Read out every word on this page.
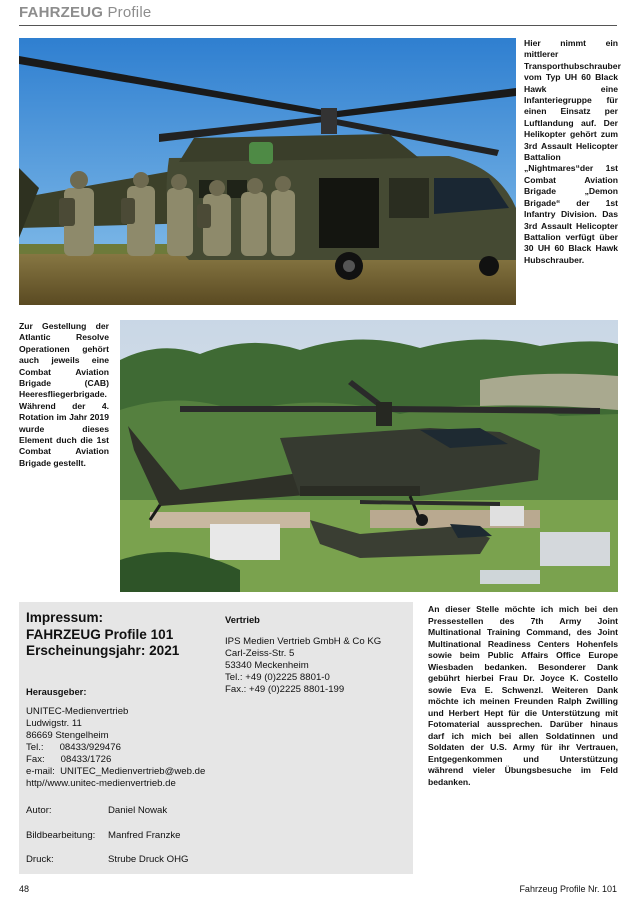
FAHRZEUG Profile
Hier nimmt ein mittlerer Transporthubschrauber vom Typ UH 60 Black Hawk eine Infanteriegruppe für einen Einsatz per Luftlandung auf. Der Helikopter gehört zum 3rd Assault Helicopter Battalion „Nightmares“der 1st Combat Aviation Brigade „Demon Brigade“ der 1st Infantry Division. Das 3rd Assault Helicopter Battalion verfügt über 30 UH 60 Black Hawk Hubschrauber.
Zur Gestellung der Atlantic Resolve Operationen gehört auch jeweils eine Combat Aviation Brigade (CAB) Heeresfliegerbrigade. Während der 4. Rotation im Jahr 2019 wurde dieses Element duch die 1st Combat Aviation Brigade gestellt.
Impressum:
FAHRZEUG Profile 101
Erscheinungsjahr: 2021
Herausgeber:
UNITEC-Medienvertrieb
Ludwigstr. 11
86669 Stengelheim
Tel.:      08433/929476
Fax:      08433/1726
e-mail:  UNITEC_Medienvertrieb@web.de
http//www.unitec-medienvertrieb.de
Vertrieb
IPS Medien Vertrieb GmbH & Co KG
Carl-Zeiss-Str. 5
53340 Meckenheim
Tel.: +49 (0)2225 8801-0
Fax.: +49 (0)2225 8801-199
Autor:	Daniel Nowak
Bildbearbeitung: Manfred Franzke
Druck:	Strube Druck OHG
An dieser Stelle möchte ich mich bei den Pressestellen des 7th Army Joint Multinational Training Command, des Joint Multinational Readiness Centers Hohenfels sowie beim Public Affairs Office Europe Wiesbaden bedanken. Besonderer Dank gebührt hierbei Frau Dr. Joyce K. Costello sowie Eva E. Schwenzl. Weiteren Dank möchte ich meinen Freunden Ralph Zwilling und Herbert Hept für die Unterstützung mit Fotomaterial aussprechen. Darüber hinaus darf ich mich bei allen Soldatinnen und Soldaten der U.S. Army für ihr Vertrauen, Entgegenkommen und Unterstützung während vieler Übungsbesuche im Feld bedanken.
48	Fahrzeug Profile Nr. 101
